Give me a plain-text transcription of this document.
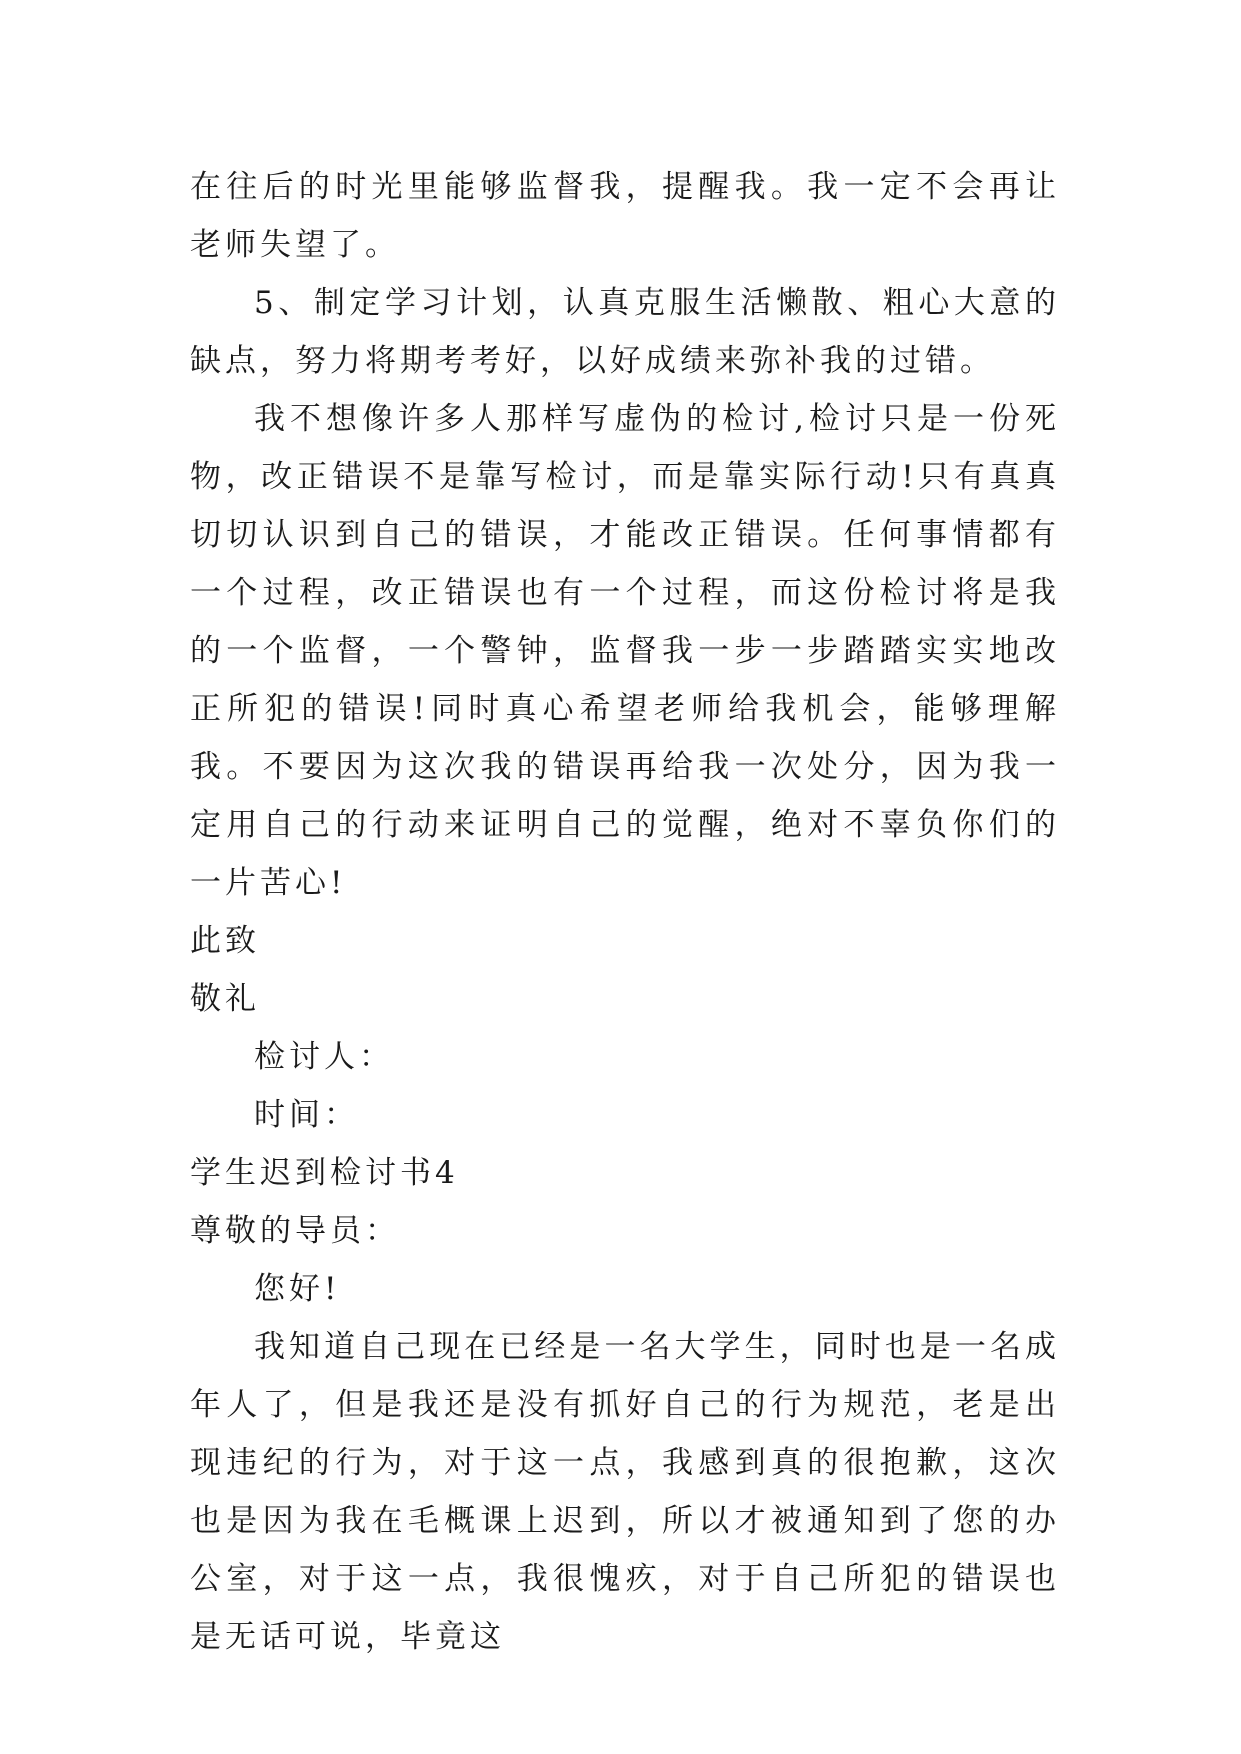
在往后的时光里能够监督我，提醒我。我一定不会再让老师失望了。

5、制定学习计划，认真克服生活懒散、粗心大意的缺点，努力将期考考好，以好成绩来弥补我的过错。

我不想像许多人那样写虚伪的检讨,检讨只是一份死物，改正错误不是靠写检讨，而是靠实际行动!只有真真切切认识到自己的错误，才能改正错误。任何事情都有一个过程，改正错误也有一个过程，而这份检讨将是我的一个监督，一个警钟，监督我一步一步踏踏实实地改正所犯的错误!同时真心希望老师给我机会，能够理解我。不要因为这次我的错误再给我一次处分，因为我一定用自己的行动来证明自己的觉醒，绝对不辜负你们的一片苦心!

此致

敬礼

检讨人：

时间：

学生迟到检讨书4

尊敬的导员：

您好!

我知道自己现在已经是一名大学生，同时也是一名成年人了，但是我还是没有抓好自己的行为规范，老是出现违纪的行为，对于这一点，我感到真的很抱歉，这次也是因为我在毛概课上迟到，所以才被通知到了您的办公室，对于这一点，我很愧疚，对于自己所犯的错误也是无话可说，毕竟这
